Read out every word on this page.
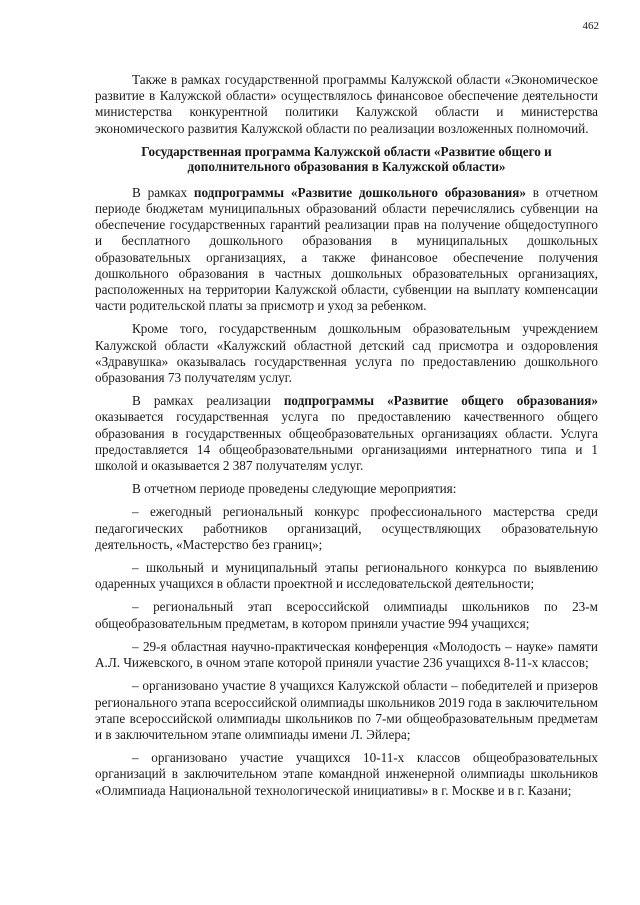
462

Также в рамках государственной программы Калужской области «Экономическое развитие в Калужской области» осуществлялось финансовое обеспечение деятельности министерства конкурентной политики Калужской области и министерства экономического развития Калужской области по реализации возложенных полномочий.

Государственная программа Калужской области «Развитие общего и дополнительного образования в Калужской области»

В рамках подпрограммы «Развитие дошкольного образования» в отчетном периоде бюджетам муниципальных образований области перечислялись субвенции на обеспечение государственных гарантий реализации прав на получение общедоступного и бесплатного дошкольного образования в муниципальных дошкольных образовательных организациях, а также финансовое обеспечение получения дошкольного образования в частных дошкольных образовательных организациях, расположенных на территории Калужской области, субвенции на выплату компенсации части родительской платы за присмотр и уход за ребенком.

Кроме того, государственным дошкольным образовательным учреждением Калужской области «Калужский областной детский сад присмотра и оздоровления «Здравушка» оказывалась государственная услуга по предоставлению дошкольного образования 73 получателям услуг.

В рамках реализации подпрограммы «Развитие общего образования» оказывается государственная услуга по предоставлению качественного общего образования в государственных общеобразовательных организациях области. Услуга предоставляется 14 общеобразовательными организациями интернатного типа и 1 школой и оказывается 2 387 получателям услуг.

В отчетном периоде проведены следующие мероприятия:

– ежегодный региональный конкурс профессионального мастерства среди педагогических работников организаций, осуществляющих образовательную деятельность, «Мастерство без границ»;

– школьный и муниципальный этапы регионального конкурса по выявлению одаренных учащихся в области проектной и исследовательской деятельности;

– региональный этап всероссийской олимпиады школьников по 23-м общеобразовательным предметам, в котором приняли участие 994 учащихся;

– 29-я областная научно-практическая конференция «Молодость – науке» памяти А.Л. Чижевского, в очном этапе которой приняли участие 236 учащихся 8-11-х классов;

– организовано участие 8 учащихся Калужской области – победителей и призеров регионального этапа всероссийской олимпиады школьников 2019 года в заключительном этапе всероссийской олимпиады школьников по 7-ми общеобразовательным предметам и в заключительном этапе олимпиады имени Л. Эйлера;

– организовано участие учащихся 10-11-х классов общеобразовательных организаций в заключительном этапе командной инженерной олимпиады школьников «Олимпиада Национальной технологической инициативы» в г. Москве и в г. Казани;
